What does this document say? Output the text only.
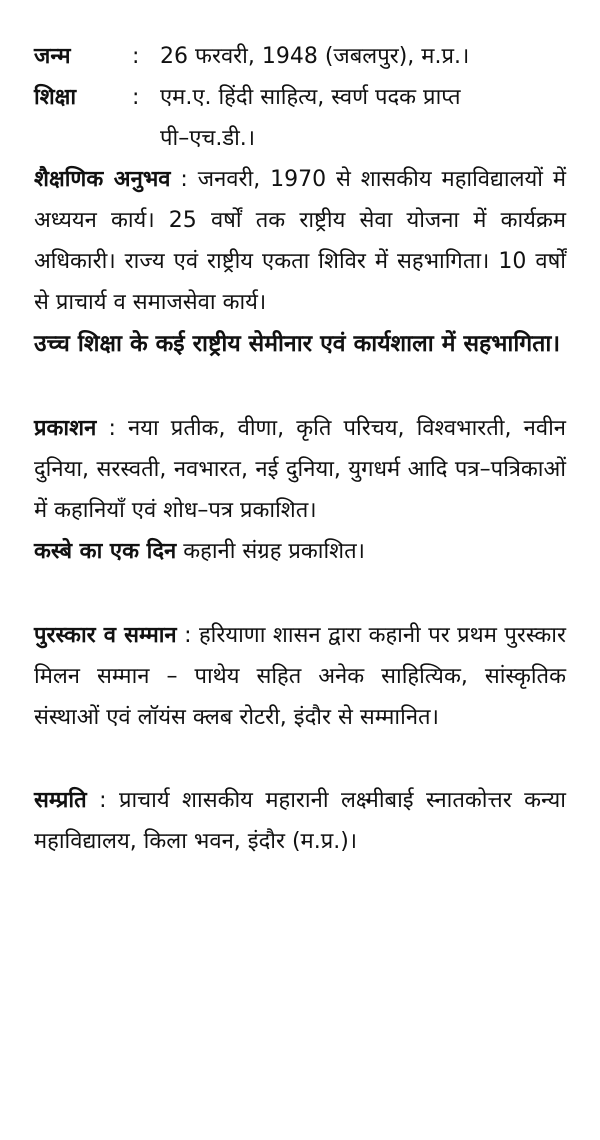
जन्म	: 26 फरवरी, 1948 (जबलपुर), म.प्र.।
शिक्षा	: एम.ए. हिंदी साहित्य, स्वर्ण पदक प्राप्त
पी–एच.डी.।

शैक्षणिक अनुभव : जनवरी, 1970 से शासकीय महाविद्यालयों में अध्ययन कार्य। 25 वर्षों तक राष्ट्रीय सेवा योजना में कार्यक्रम अधिकारी। राज्य एवं राष्ट्रीय एकता शिविर में सहभागिता। 10 वर्षों से प्राचार्य व समाजसेवा कार्य।

उच्च शिक्षा के कई राष्ट्रीय सेमीनार एवं कार्यशाला में सहभागिता।

प्रकाशन : नया प्रतीक, वीणा, कृति परिचय, विश्वभारती, नवीन दुनिया, सरस्वती, नवभारत, नई दुनिया, युगधर्म आदि पत्र–पत्रिकाओं में कहानियाँ एवं शोध–पत्र प्रकाशित।

कस्बे का एक दिन कहानी संग्रह प्रकाशित।

पुरस्कार व सम्मान : हरियाणा शासन द्वारा कहानी पर प्रथम पुरस्कार मिलन सम्मान – पाथेय सहित अनेक साहित्यिक, सांस्कृतिक संस्थाओं एवं लॉयंस क्लब रोटरी, इंदौर से सम्मानित।

सम्प्रति : प्राचार्य शासकीय महारानी लक्ष्मीबाई स्नातकोत्तर कन्या महाविद्यालय, किला भवन, इंदौर (म.प्र.)।
